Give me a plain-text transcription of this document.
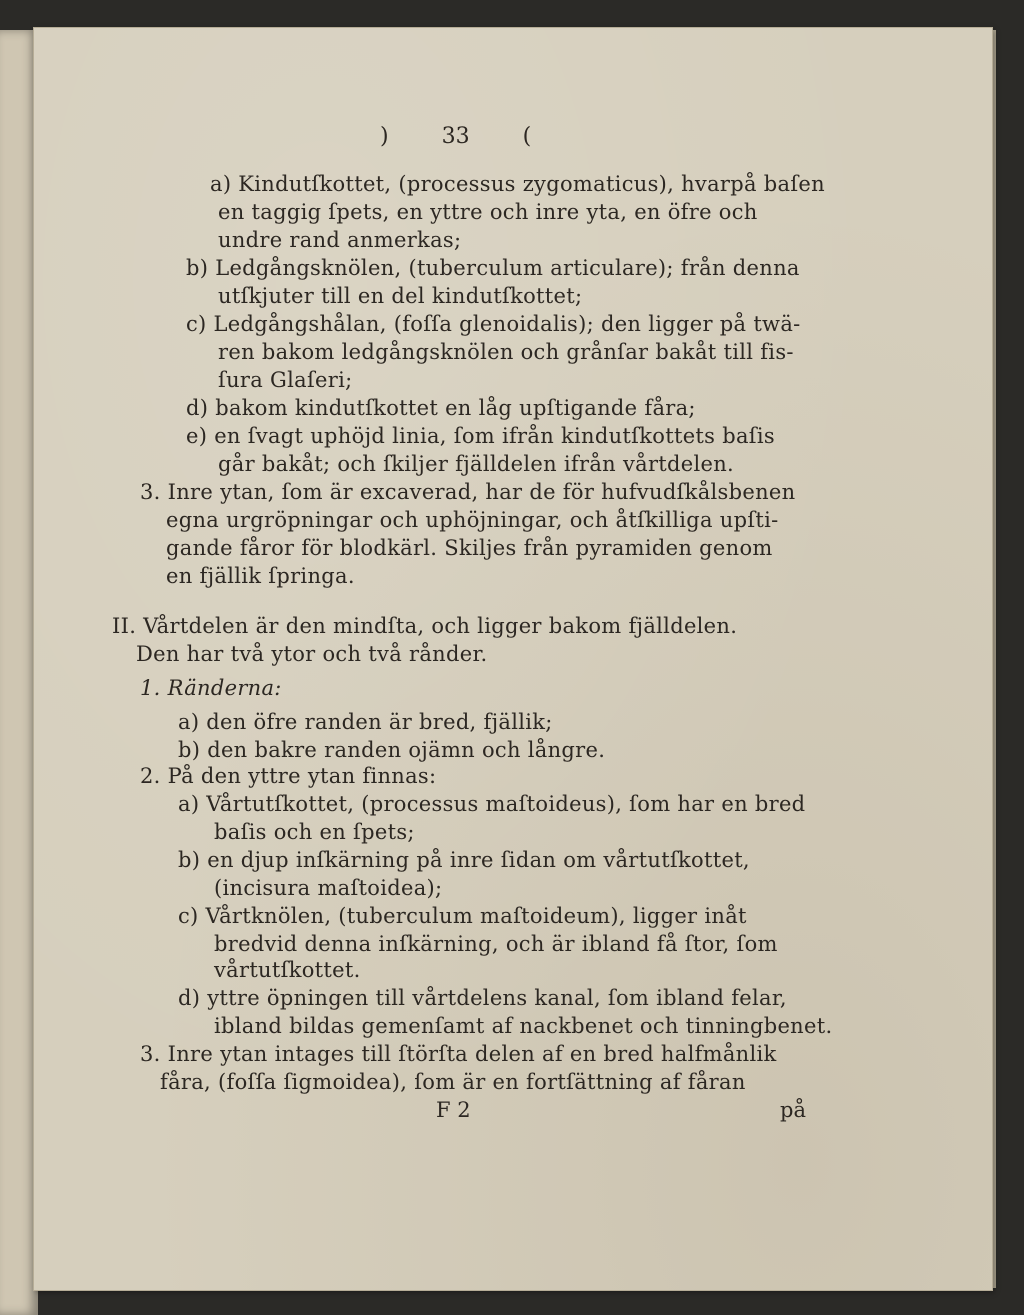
) 33 (
a) Kindutſkottet, (processus zygomaticus), hvarpå baſen
en taggig ſpets, en yttre och inre yta, en öfre och
undre rand anmerkas;
b) Ledgångsknölen, (tuberculum articulare); från denna
utſkjuter till en del kindutſkottet;
c) Ledgångshålan, (foſſa glenoidalis); den ligger på twä-
ren bakom ledgångsknölen och grånſar bakåt till fis-
ſura Glaſeri;
d) bakom kindutſkottet en låg upſtigande fåra;
e) en ſvagt uphöjd linia, ſom ifrån kindutſkottets baſis
går bakåt; och ſkiljer fjälldelen ifrån vårtdelen.
3. Inre ytan, ſom är excaverad, har de för hufvudſkålsbenen
egna urgröpningar och uphöjningar, och åtſkilliga upſti-
gande fåror för blodkärl. Skiljes från pyramiden genom
en fjällik ſpringa.
II. Vårtdelen är den mindſta, och ligger bakom fjälldelen.
Den har två ytor och två rånder.
1. Ränderna:
a) den öfre randen är bred, fjällik;
b) den bakre randen ojämn och långre.
2. På den yttre ytan finnas:
a) Vårtutſkottet, (processus maſtoideus), ſom har en bred
baſis och en ſpets;
b) en djup inſkärning på inre ſidan om vårtutſkottet,
(incisura maſtoidea);
c) Vårtknölen, (tuberculum maſtoideum), ligger inåt
bredvid denna inſkärning, och är ibland få ſtor, ſom
vårtutſkottet.
d) yttre öpningen till vårtdelens kanal, ſom ibland felar,
ibland bildas gemenſamt af nackbenet och tinningbenet.
3. Inre ytan intages till ſtörſta delen af en bred halfmånlik
fåra, (foſſa ſigmoidea), ſom är en fortſättning af fåran
F 2	på
